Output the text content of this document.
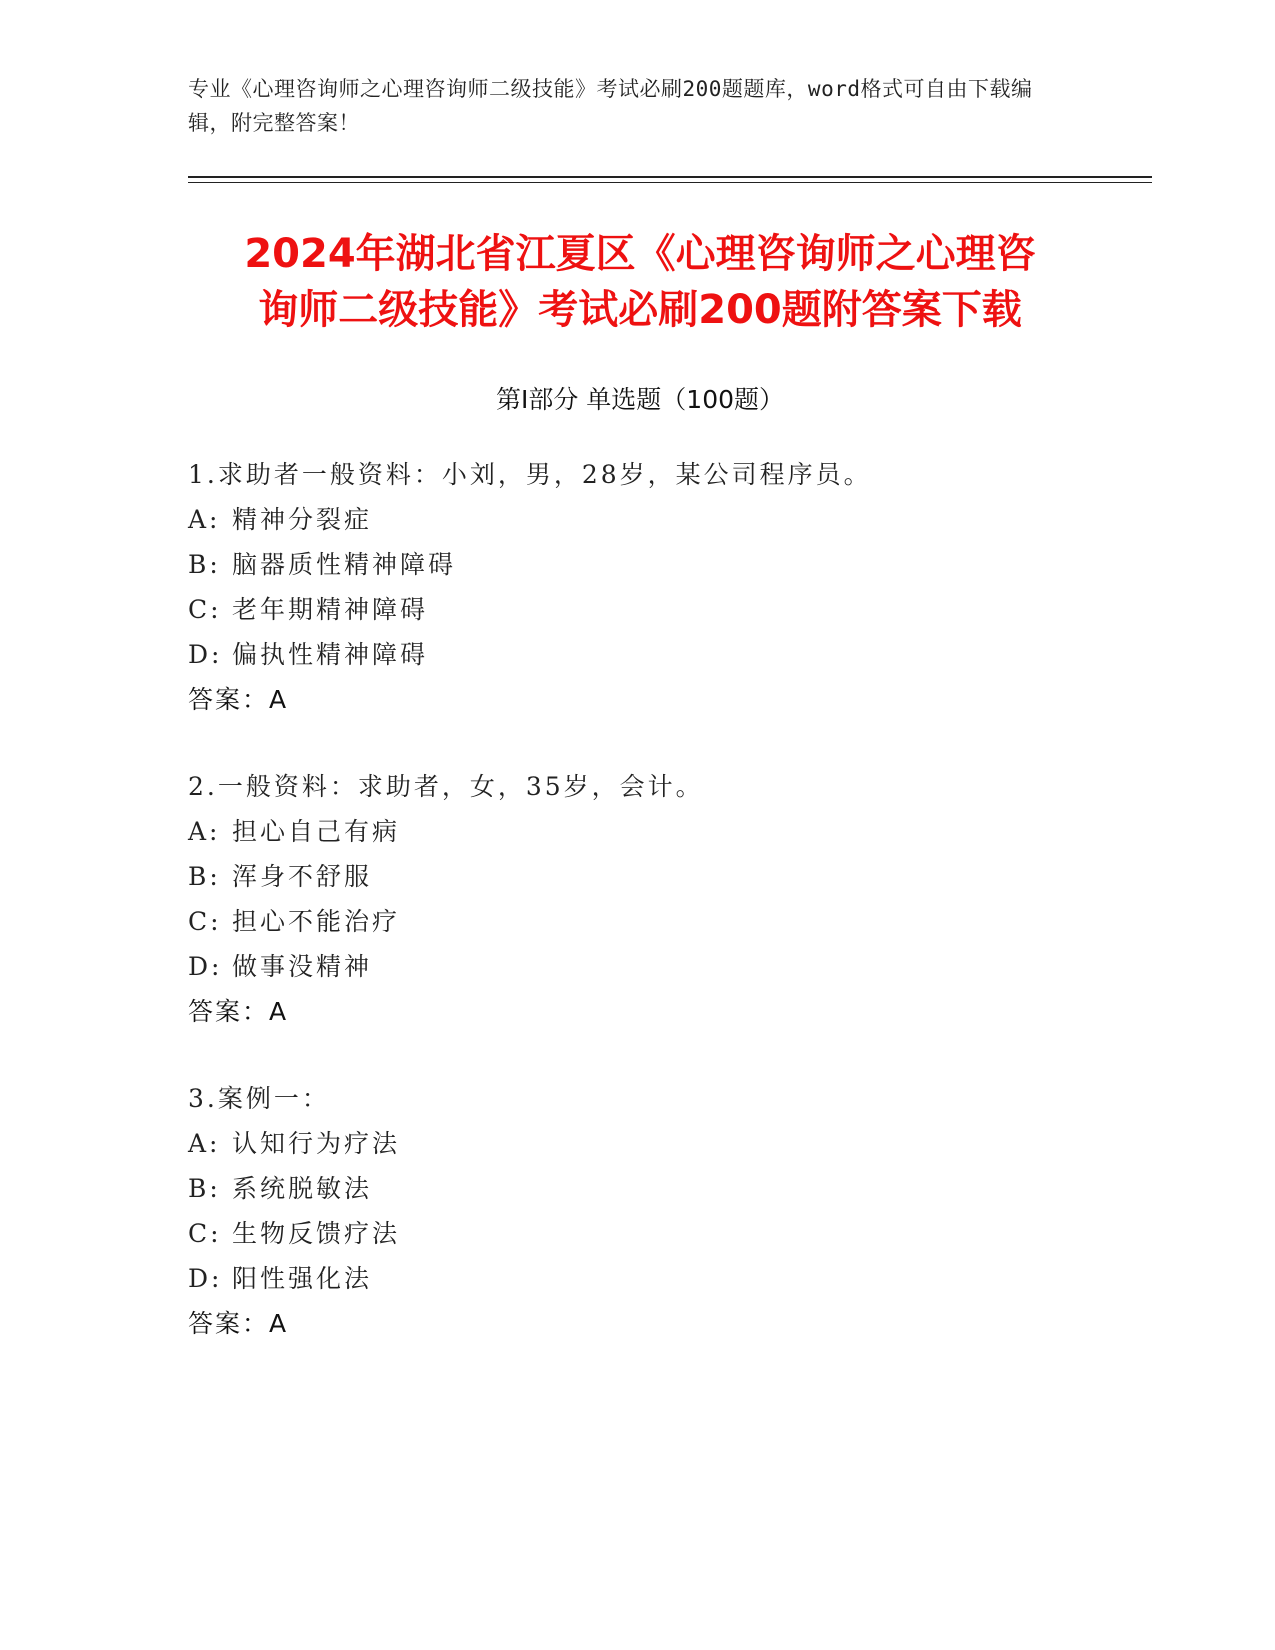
专业《心理咨询师之心理咨询师二级技能》考试必刷200题题库，word格式可自由下载编辑，附完整答案！
2024年湖北省江夏区《心理咨询师之心理咨
询师二级技能》考试必刷200题附答案下载
第I部分 单选题（100题）
1.求助者一般资料：小刘，男，28岁，某公司程序员。
A: 精神分裂症
B: 脑器质性精神障碍
C: 老年期精神障碍
D: 偏执性精神障碍
答案：A
2.一般资料：求助者，女，35岁，会计。
A: 担心自己有病
B: 浑身不舒服
C: 担心不能治疗
D: 做事没精神
答案：A
3.案例一：
A: 认知行为疗法
B: 系统脱敏法
C: 生物反馈疗法
D: 阳性强化法
答案：A
